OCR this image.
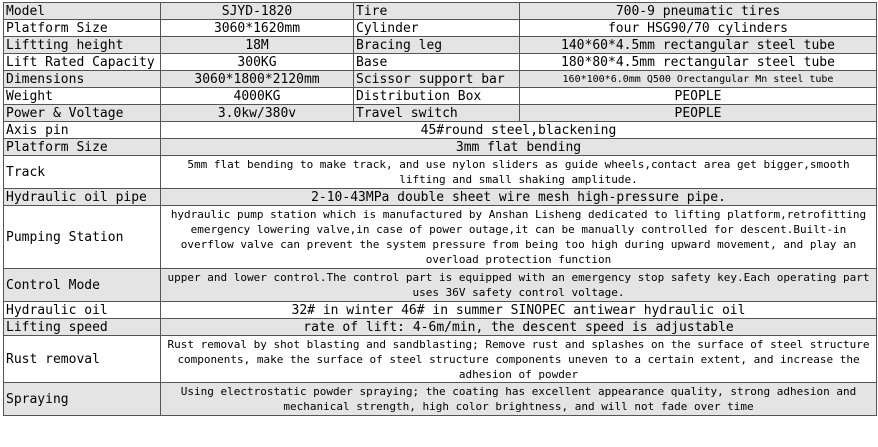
Model	SJYD-1820	Tire	700-9 pneumatic tires
Platform Size	3060*1620mm	Cylinder	four HSG90/70 cylinders
Liftting height	18M	Bracing leg	140*60*4.5mm rectangular steel tube
Lift Rated Capacity	300KG	Base	180*80*4.5mm rectangular steel tube
Dimensions	3060*1800*2120mm	Scissor support bar	160*100*6.0mm Q500 Orectangular Mn steel tube
Weight	4000KG	Distribution Box	PEOPLE
Power & Voltage	3.0kw/380v	Travel switch	PEOPLE
Axis pin	45#round steel,blackening		
Platform Size	3mm flat bending		
Track	5mm flat bending to make track, and use nylon sliders as guide wheels,contact area get bigger,smooth lifting and small shaking amplitude.		
Hydraulic oil pipe	2-10-43MPa double sheet wire mesh high-pressure pipe.		
Pumping Station	hydraulic pump station which is manufactured by Anshan Lisheng dedicated to lifting platform,retrofitting emergency lowering valve,in case of power outage,it can be manually controlled for descent.Built-in overflow valve can prevent the system pressure from being too high during upward movement, and play an overload protection function		
Control Mode	upper and lower control.The control part is equipped with an emergency stop safety key.Each operating part uses 36V safety control voltage.		
Hydraulic oil	32# in winter 46# in summer SINOPEC antiwear hydraulic oil		
Lifting speed	rate of lift: 4-6m/min, the descent speed is adjustable		
Rust removal	Rust removal by shot blasting and sandblasting; Remove rust and splashes on the surface of steel structure components, make the surface of steel structure components uneven to a certain extent, and increase the adhesion of powder		
Spraying	Using electrostatic powder spraying; the coating has excellent appearance quality, strong adhesion and mechanical strength, high color brightness, and will not fade over time		
